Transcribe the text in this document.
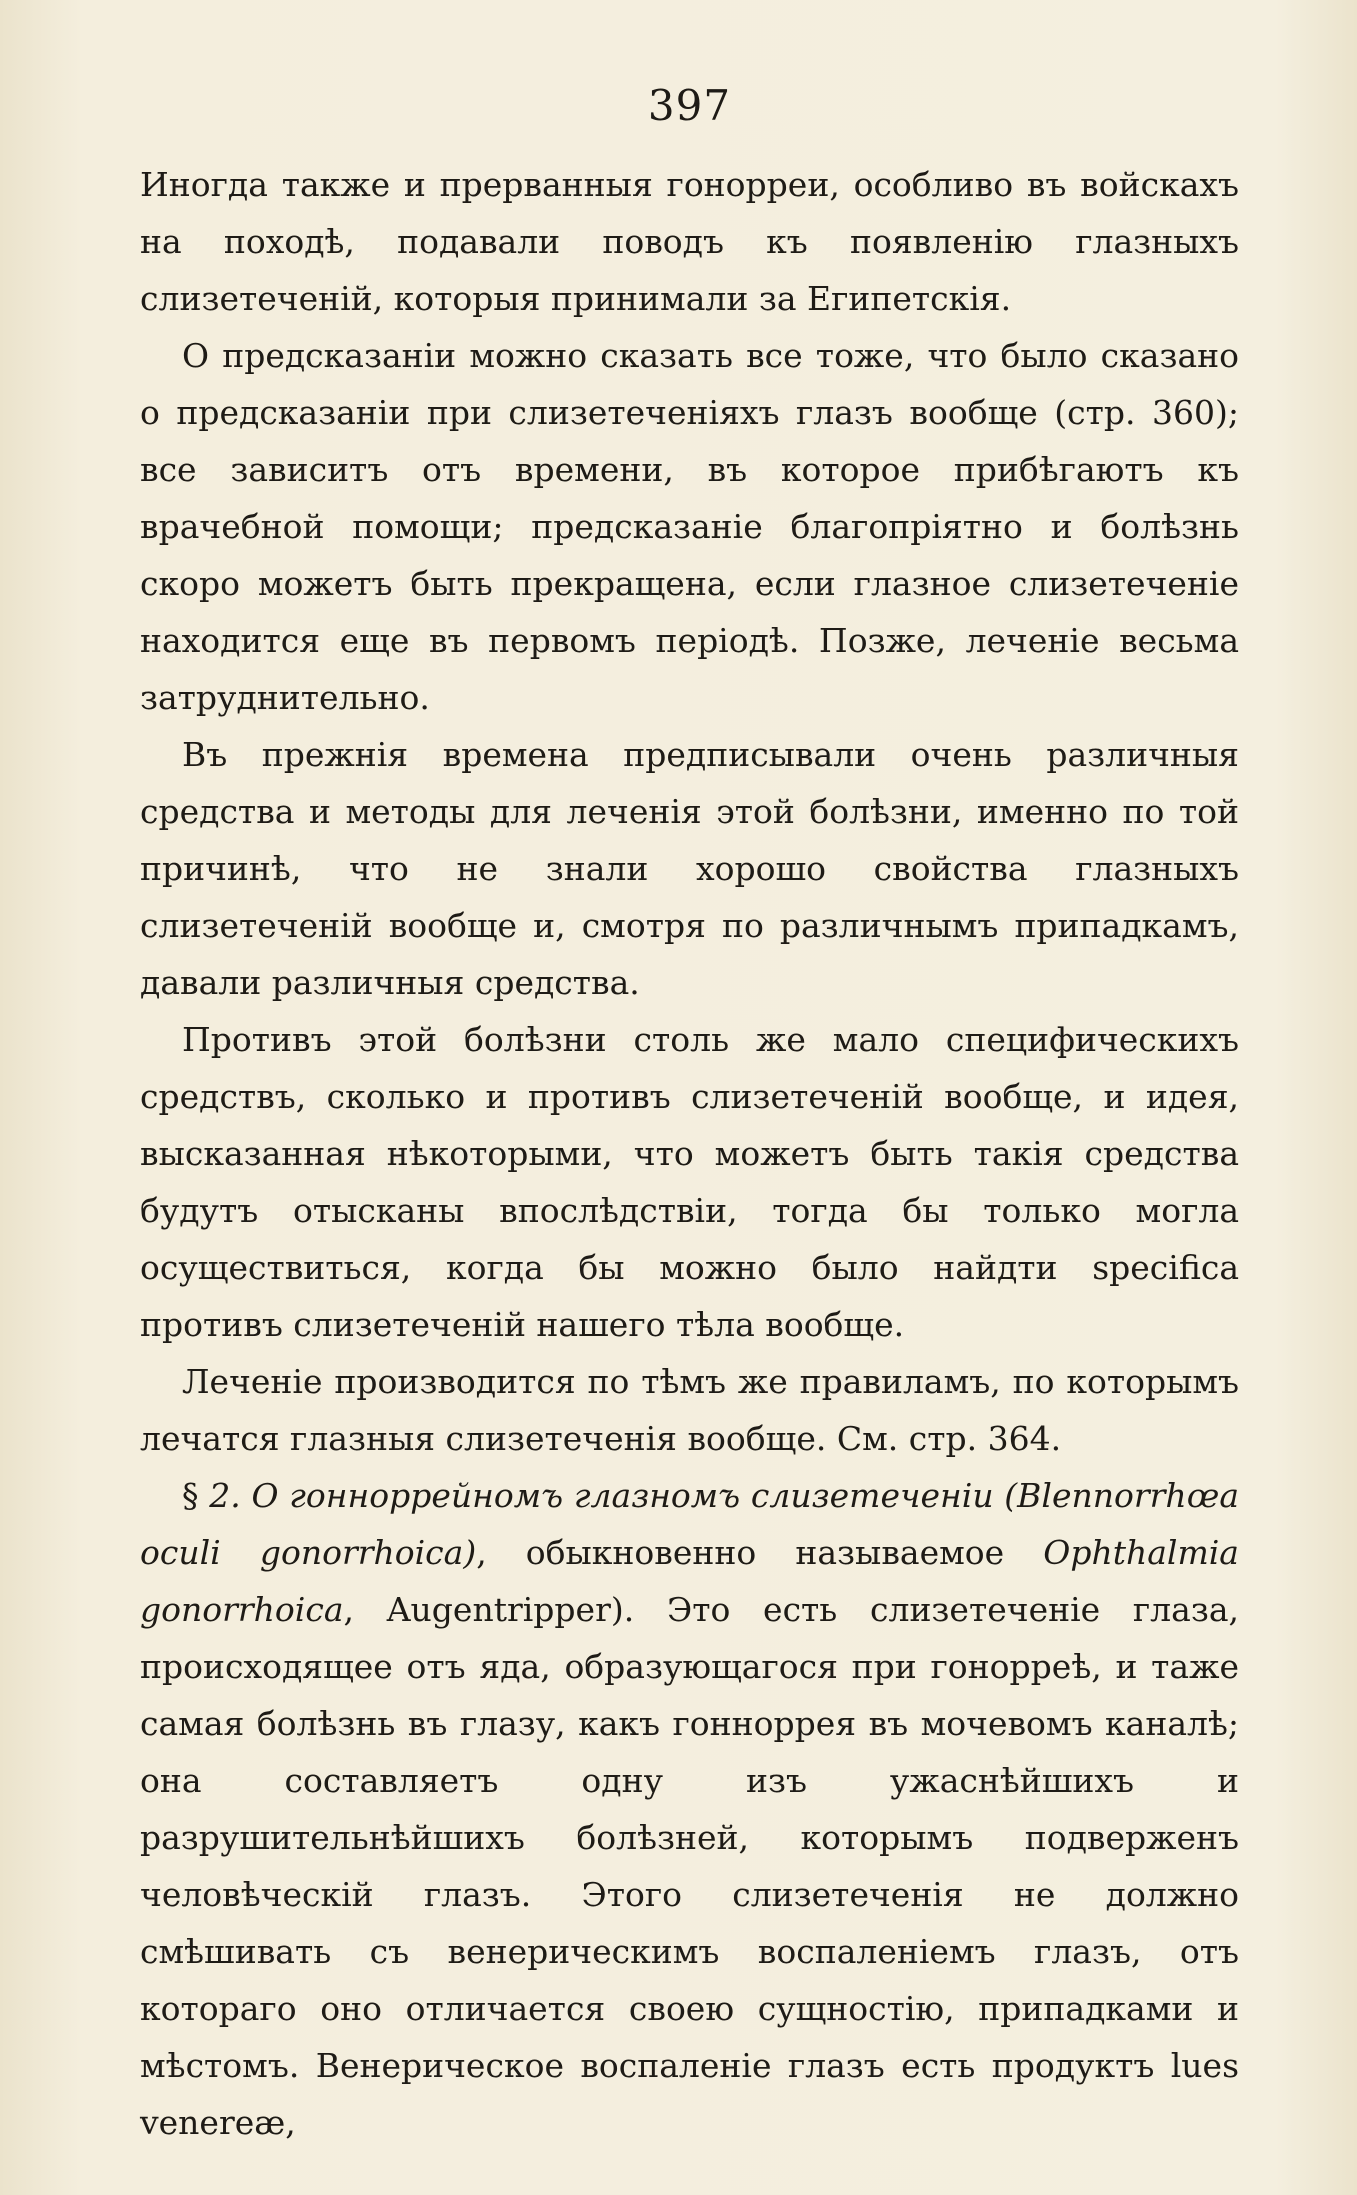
397

Иногда также и прерванныя гонорреи, особливо въ войскахъ на походѣ, подавали поводъ къ появленію глазныхъ слизетеченій, которыя принимали за Египетскія.

О предсказаніи можно сказать все тоже, что было сказано о предсказаніи при слизетеченіяхъ глазъ вообще (стр. 360); все зависитъ отъ времени, въ которое прибѣгаютъ къ врачебной помощи; предсказаніе благопріятно и болѣзнь скоро можетъ быть прекращена, если глазное слизетеченіе находится еще въ первомъ періодѣ. Позже, леченіе весьма затруднительно.

Въ прежнія времена предписывали очень различныя средства и методы для леченія этой болѣзни, именно по той причинѣ, что не знали хорошо свойства глазныхъ слизетеченій вообще и, смотря по различнымъ припадкамъ, давали различныя средства.

Противъ этой болѣзни столь же мало специфическихъ средствъ, сколько и противъ слизетеченій вообще, и идея, высказанная нѣкоторыми, что можетъ быть такія средства будутъ отысканы впослѣдствіи, тогда бы только могла осуществиться, когда бы можно было найдти specifica противъ слизетеченій нашего тѣла вообще.

Леченіе производится по тѣмъ же правиламъ, по которымъ лечатся глазныя слизетеченія вообще. См. стр. 364.

§ 2. О гонноррейномъ глазномъ слизетеченіи (Blennorrhœa oculi gonorrhoica), обыкновенно называемое Ophthalmia gonorrhoica, Augentripper). Это есть слизетеченіе глаза, происходящее отъ яда, образующагося при гонорреѣ, и таже самая болѣзнь въ глазу, какъ гонноррея въ мочевомъ каналѣ; она составляетъ одну изъ ужаснѣйшихъ и разрушительнѣйшихъ болѣзней, которымъ подверженъ человѣческій глазъ. Этого слизетеченія не должно смѣшивать съ венерическимъ воспаленіемъ глазъ, отъ котораго оно отличается своею сущностію, припадками и мѣстомъ. Венерическое воспаленіе глазъ есть продуктъ lues venereæ,
